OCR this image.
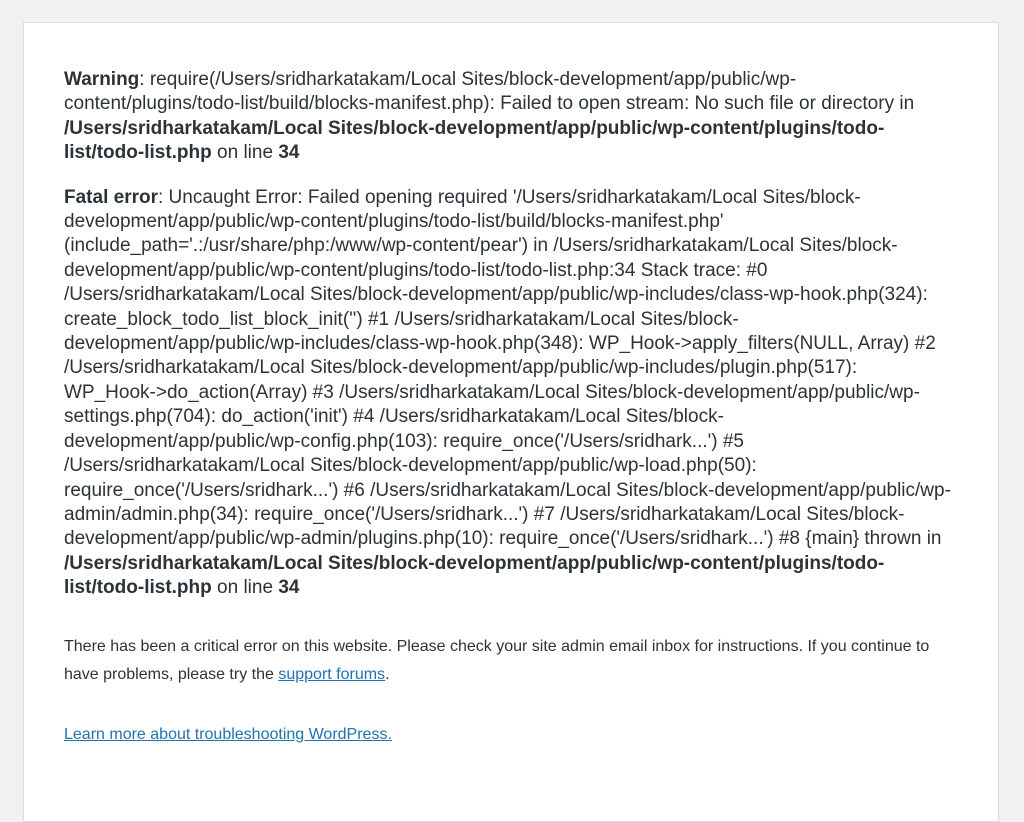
Warning: require(/Users/sridharkatakam/Local Sites/block-development/app/public/wp-content/plugins/todo-list/build/blocks-manifest.php): Failed to open stream: No such file or directory in /Users/sridharkatakam/Local Sites/block-development/app/public/wp-content/plugins/todo-list/todo-list.php on line 34

Fatal error: Uncaught Error: Failed opening required '/Users/sridharkatakam/Local Sites/block-development/app/public/wp-content/plugins/todo-list/build/blocks-manifest.php' (include_path='.:/usr/share/php:/www/wp-content/pear') in /Users/sridharkatakam/Local Sites/block-development/app/public/wp-content/plugins/todo-list/todo-list.php:34 Stack trace: #0 /Users/sridharkatakam/Local Sites/block-development/app/public/wp-includes/class-wp-hook.php(324): create_block_todo_list_block_init('') #1 /Users/sridharkatakam/Local Sites/block-development/app/public/wp-includes/class-wp-hook.php(348): WP_Hook->apply_filters(NULL, Array) #2 /Users/sridharkatakam/Local Sites/block-development/app/public/wp-includes/plugin.php(517): WP_Hook->do_action(Array) #3 /Users/sridharkatakam/Local Sites/block-development/app/public/wp-settings.php(704): do_action('init') #4 /Users/sridharkatakam/Local Sites/block-development/app/public/wp-config.php(103): require_once('/Users/sridhark...') #5 /Users/sridharkatakam/Local Sites/block-development/app/public/wp-load.php(50): require_once('/Users/sridhark...') #6 /Users/sridharkatakam/Local Sites/block-development/app/public/wp-admin/admin.php(34): require_once('/Users/sridhark...') #7 /Users/sridharkatakam/Local Sites/block-development/app/public/wp-admin/plugins.php(10): require_once('/Users/sridhark...') #8 {main} thrown in /Users/sridharkatakam/Local Sites/block-development/app/public/wp-content/plugins/todo-list/todo-list.php on line 34

There has been a critical error on this website. Please check your site admin email inbox for instructions. If you continue to have problems, please try the support forums.

Learn more about troubleshooting WordPress.
